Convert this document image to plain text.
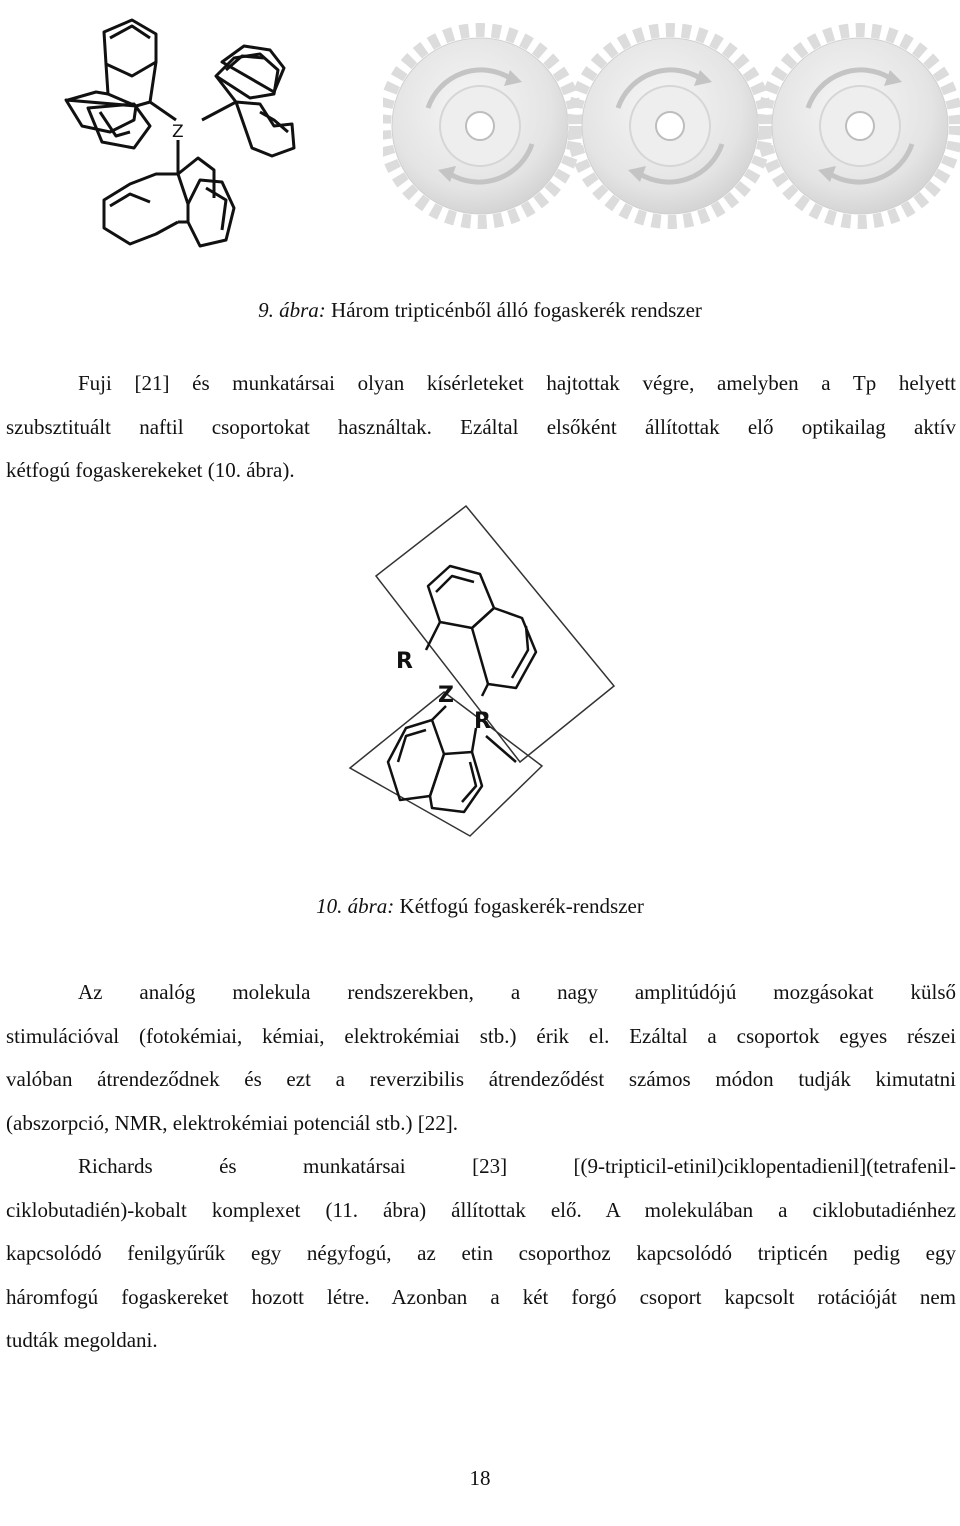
Z
9. ábra: Három tripticénből álló fogaskerék rendszer
Fuji [21] és munkatársai olyan kísérleteket hajtottak végre, amelyben a Tp helyett
szubsztituált naftil csoportokat használtak. Ezáltal elsőként állítottak elő optikailag aktív
kétfogú fogaskerekeket (10. ábra).
R
Z
R
10. ábra: Kétfogú fogaskerék-rendszer
Az analóg molekula rendszerekben, a nagy amplitúdójú mozgásokat külső
stimulációval (fotokémiai, kémiai, elektrokémiai stb.) érik el. Ezáltal a csoportok egyes részei
valóban átrendeződnek és ezt a reverzibilis átrendeződést számos módon tudják kimutatni
(abszorpció, NMR, elektrokémiai potenciál stb.) [22].
Richards és munkatársai [23] [(9-tripticil-etinil)ciklopentadienil](tetrafenil-
ciklobutadién)-kobalt komplexet (11. ábra) állítottak elő. A molekulában a ciklobutadiénhez
kapcsolódó fenilgyűrűk egy négyfogú, az etin csoporthoz kapcsolódó tripticén pedig egy
háromfogú fogaskereket hozott létre. Azonban a két forgó csoport kapcsolt rotációját nem
tudták megoldani.
18
